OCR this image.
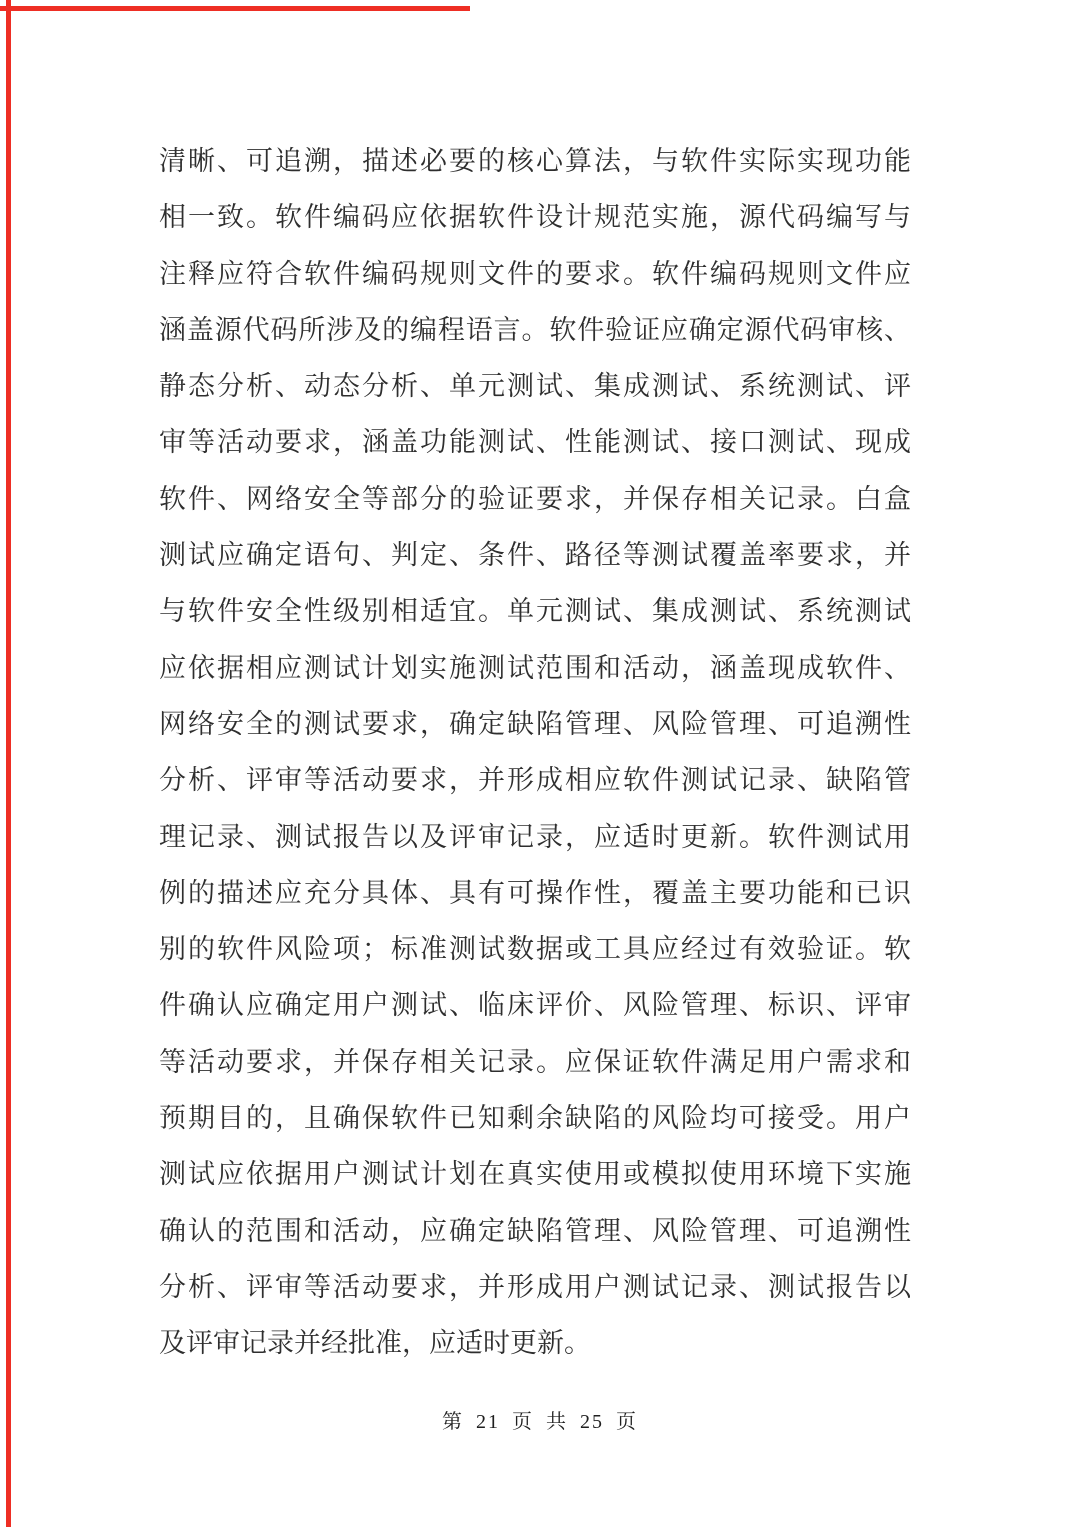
清晰、可追溯，描述必要的核心算法，与软件实际实现功能
相一致。软件编码应依据软件设计规范实施，源代码编写与
注释应符合软件编码规则文件的要求。软件编码规则文件应
涵盖源代码所涉及的编程语言。软件验证应确定源代码审核、
静态分析、动态分析、单元测试、集成测试、系统测试、评
审等活动要求，涵盖功能测试、性能测试、接口测试、现成
软件、网络安全等部分的验证要求，并保存相关记录。白盒
测试应确定语句、判定、条件、路径等测试覆盖率要求，并
与软件安全性级别相适宜。单元测试、集成测试、系统测试
应依据相应测试计划实施测试范围和活动，涵盖现成软件、
网络安全的测试要求，确定缺陷管理、风险管理、可追溯性
分析、评审等活动要求，并形成相应软件测试记录、缺陷管
理记录、测试报告以及评审记录，应适时更新。软件测试用
例的描述应充分具体、具有可操作性，覆盖主要功能和已识
别的软件风险项；标准测试数据或工具应经过有效验证。软
件确认应确定用户测试、临床评价、风险管理、标识、评审
等活动要求，并保存相关记录。应保证软件满足用户需求和
预期目的，且确保软件已知剩余缺陷的风险均可接受。用户
测试应依据用户测试计划在真实使用或模拟使用环境下实施
确认的范围和活动，应确定缺陷管理、风险管理、可追溯性
分析、评审等活动要求，并形成用户测试记录、测试报告以
及评审记录并经批准，应适时更新。
第 21 页 共 25 页
